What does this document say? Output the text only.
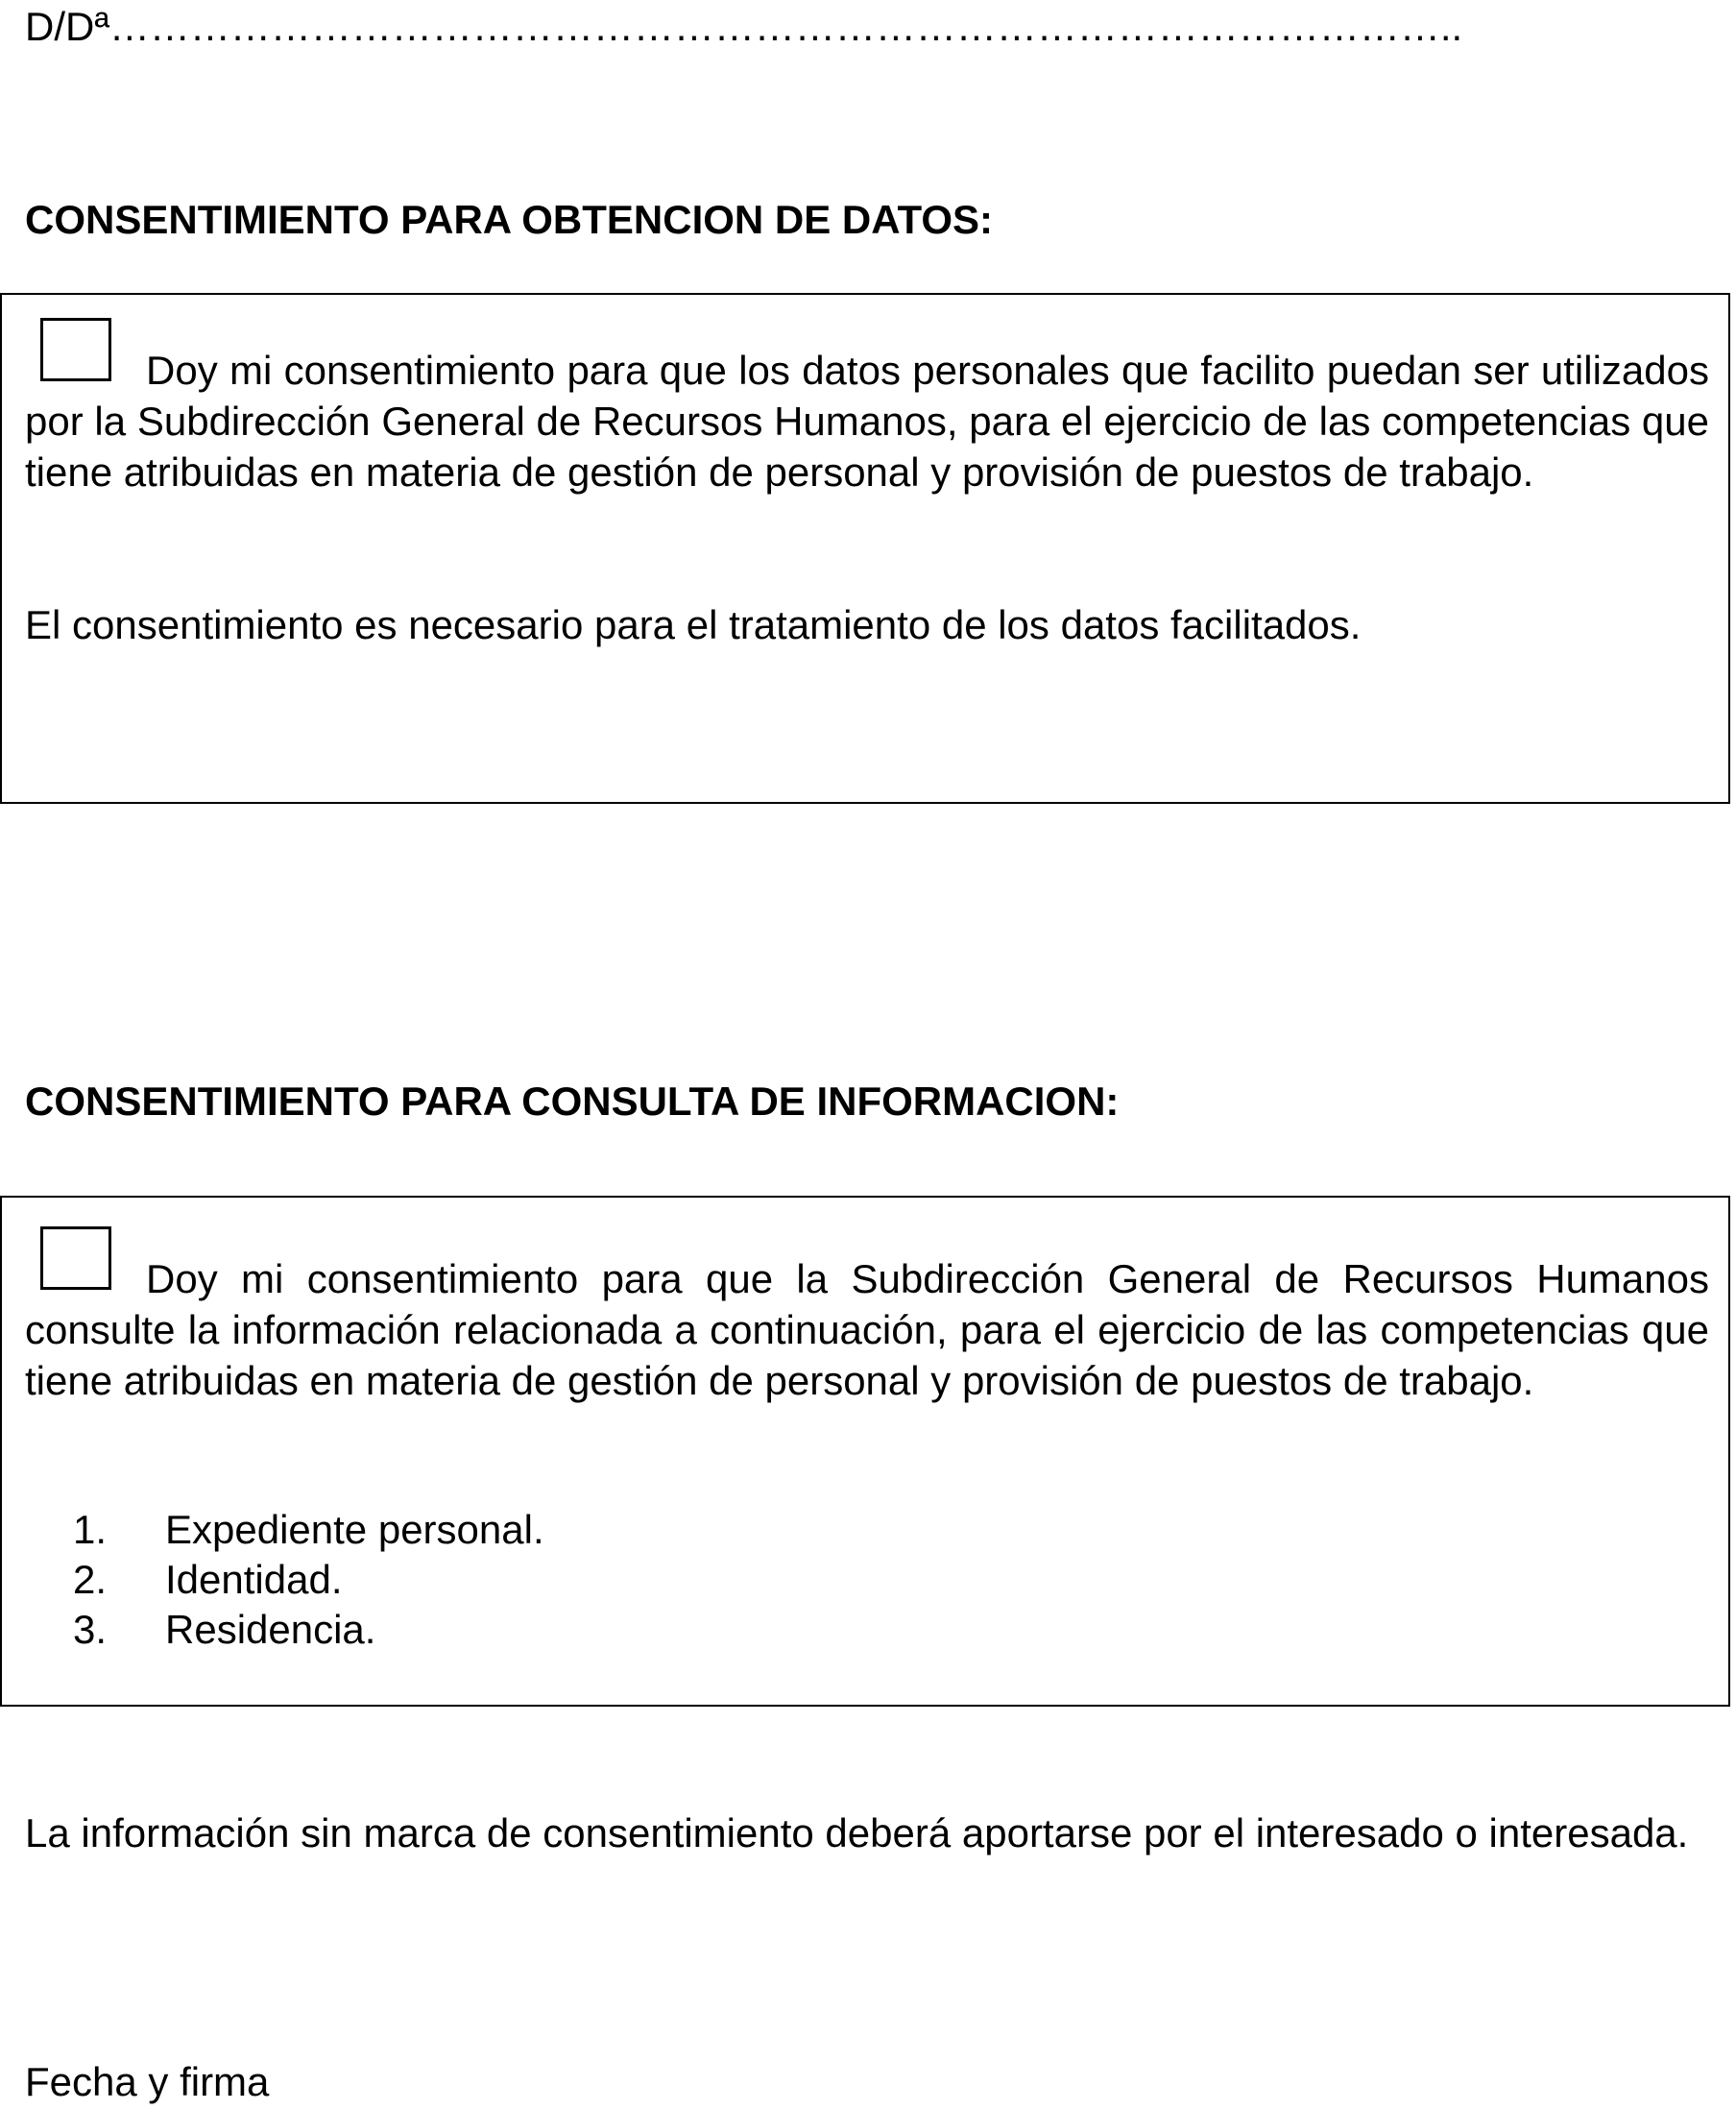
D/Dª………………………………………………………………………………………..
CONSENTIMIENTO PARA OBTENCION DE DATOS:

Doy mi consentimiento para que los datos personales que facilito puedan ser utilizados por la Subdirección General de Recursos Humanos, para el ejercicio de las competencias que tiene atribuidas en materia de gestión de personal y provisión de puestos de trabajo.

El consentimiento es necesario para el tratamiento de los datos facilitados.

CONSENTIMIENTO PARA CONSULTA DE INFORMACION:

Doy mi consentimiento para que la Subdirección General de Recursos Humanos consulte la información relacionada a continuación, para el ejercicio de las competencias que tiene atribuidas en materia de gestión de personal y provisión de puestos de trabajo.

1.	Expediente personal.
2.	Identidad.
3.	Residencia.

La información sin marca de consentimiento deberá aportarse por el interesado o interesada.

Fecha y firma
